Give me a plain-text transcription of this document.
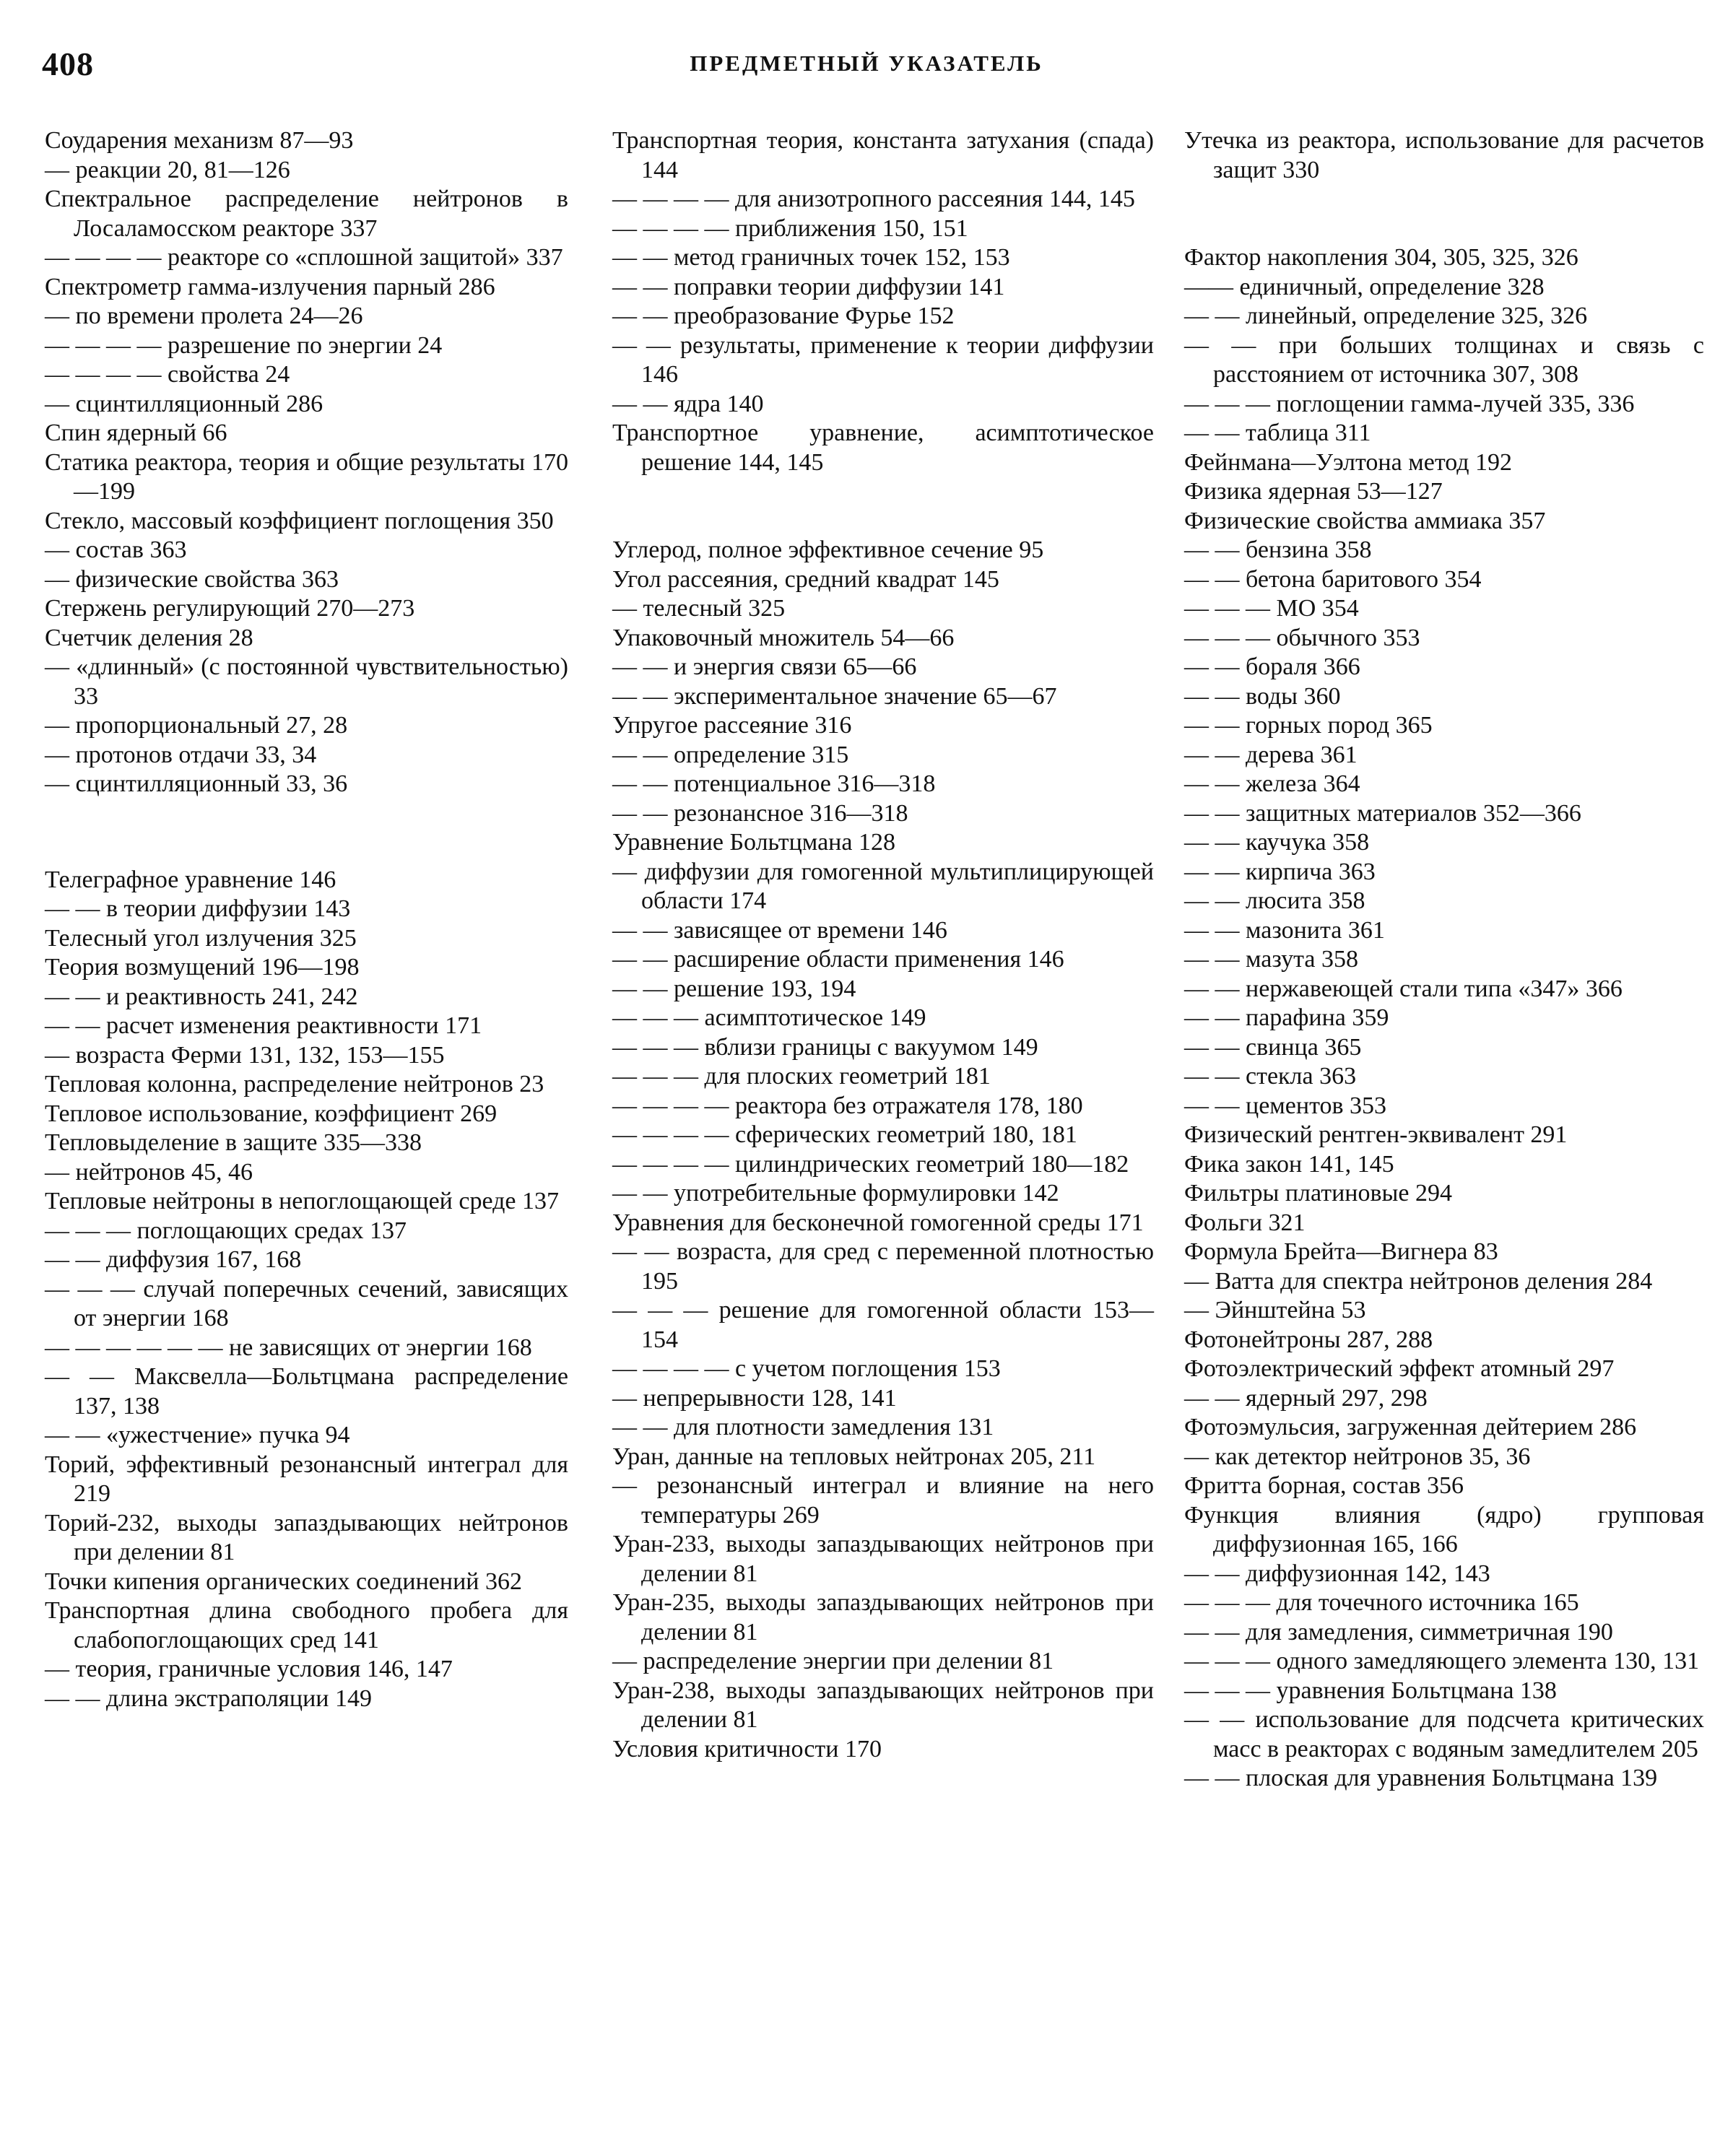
408	ПРЕДМЕТНЫЙ УКАЗАТЕЛЬ
Соударения механизм 87—93
— реакции 20, 81—126
Спектральное распределение нейтронов в Лосаламосском реакторе 337
— — — — реакторе со «сплошной защитой» 337
Спектрометр гамма-излучения парный 286
— по времени пролета 24—26
— — — — разрешение по энергии 24
— — — — свойства 24
— сцинтилляционный 286
Спин ядерный 66
Статика реактора, теория и общие результаты 170—199
Стекло, массовый коэффициент поглощения 350
— состав 363
— физические свойства 363
Стержень регулирующий 270—273
Счетчик деления 28
— «длинный» (с постоянной чувствительностью) 33
— пропорциональный 27, 28
— протонов отдачи 33, 34
— сцинтилляционный 33, 36
Телеграфное уравнение 146
— — в теории диффузии 143
Телесный угол излучения 325
Теория возмущений 196—198
— — и реактивность 241, 242
— — расчет изменения реактивности 171
— возраста Ферми 131, 132, 153—155
Тепловая колонна, распределение нейтронов 23
Тепловое использование, коэффициент 269
Тепловыделение в защите 335—338
— нейтронов 45, 46
Тепловые нейтроны в непоглощающей среде 137
— — — поглощающих средах 137
— — диффузия 167, 168
— — — случай поперечных сечений, зависящих от энергии 168
— — — — — — не зависящих от энергии 168
— — Максвелла—Больтцмана распределение 137, 138
— — «ужестчение» пучка 94
Торий, эффективный резонансный интеграл для 219
Торий-232, выходы запаздывающих нейтронов при делении 81
Точки кипения органических соединений 362
Транспортная длина свободного пробега для слабопоглощающих сред 141
— теория, граничные условия 146, 147
— — длина экстраполяции 149
Транспортная теория, константа затухания (спада) 144
— — — — для анизотропного рассеяния 144, 145
— — — — приближения 150, 151
— — метод граничных точек 152, 153
— — поправки теории диффузии 141
— — преобразование Фурье 152
— — результаты, применение к теории диффузии 146
— — ядра 140
Транспортное уравнение, асимптотическое решение 144, 145
Углерод, полное эффективное сечение 95
Угол рассеяния, средний квадрат 145
— телесный 325
Упаковочный множитель 54—66
— — и энергия связи 65—66
— — экспериментальное значение 65—67
Упругое рассеяние 316
— — определение 315
— — потенциальное 316—318
— — резонансное 316—318
Уравнение Больтцмана 128
— диффузии для гомогенной мультиплицирующей области 174
— — зависящее от времени 146
— — расширение области применения 146
— — решение 193, 194
— — — асимптотическое 149
— — — вблизи границы с вакуумом 149
— — — для плоских геометрий 181
— — — — реактора без отражателя 178, 180
— — — — сферических геометрий 180, 181
— — — — цилиндрических геометрий 180—182
— — употребительные формулировки 142
Уравнения для бесконечной гомогенной среды 171
— — возраста, для сред с переменной плотностью 195
— — — решение для гомогенной области 153—154
— — — — с учетом поглощения 153
— непрерывности 128, 141
— — для плотности замедления 131
Уран, данные на тепловых нейтронах 205, 211
— резонансный интеграл и влияние на него температуры 269
Уран-233, выходы запаздывающих нейтронов при делении 81
Уран-235, выходы запаздывающих нейтронов при делении 81
— распределение энергии при делении 81
Уран-238, выходы запаздывающих нейтронов при делении 81
Условия критичности 170
Утечка из реактора, использование для расчетов защит 330
Фактор накопления 304, 305, 325, 326
—— единичный, определение 328
— — линейный, определение 325, 326
— — при больших толщинах и связь с расстоянием от источника 307, 308
— — — поглощении гамма-лучей 335, 336
— — таблица 311
Фейнмана—Уэлтона метод 192
Физика ядерная 53—127
Физические свойства аммиака 357
— — бензина 358
— — бетона баритового 354
— — — МО 354
— — — обычного 353
— — бораля 366
— — воды 360
— — горных пород 365
— — дерева 361
— — железа 364
— — защитных материалов 352—366
— — каучука 358
— — кирпича 363
— — люсита 358
— — мазонита 361
— — мазута 358
— — нержавеющей стали типа «347» 366
— — парафина 359
— — свинца 365
— — стекла 363
— — цементов 353
Физический рентген-эквивалент 291
Фика закон 141, 145
Фильтры платиновые 294
Фольги 321
Формула Брейта—Вигнера 83
— Ватта для спектра нейтронов деления 284
— Эйнштейна 53
Фотонейтроны 287, 288
Фотоэлектрический эффект атомный 297
— — ядерный 297, 298
Фотоэмульсия, загруженная дейтерием 286
— как детектор нейтронов 35, 36
Фритта борная, состав 356
Функция влияния (ядро) групповая диффузионная 165, 166
— — диффузионная 142, 143
— — — для точечного источника 165
— — для замедления, симметричная 190
— — — одного замедляющего элемента 130, 131
— — — уравнения Больтцмана 138
— — использование для подсчета критических масс в реакторах с водяным замедлителем 205
— — плоская для уравнения Больтцмана 139
